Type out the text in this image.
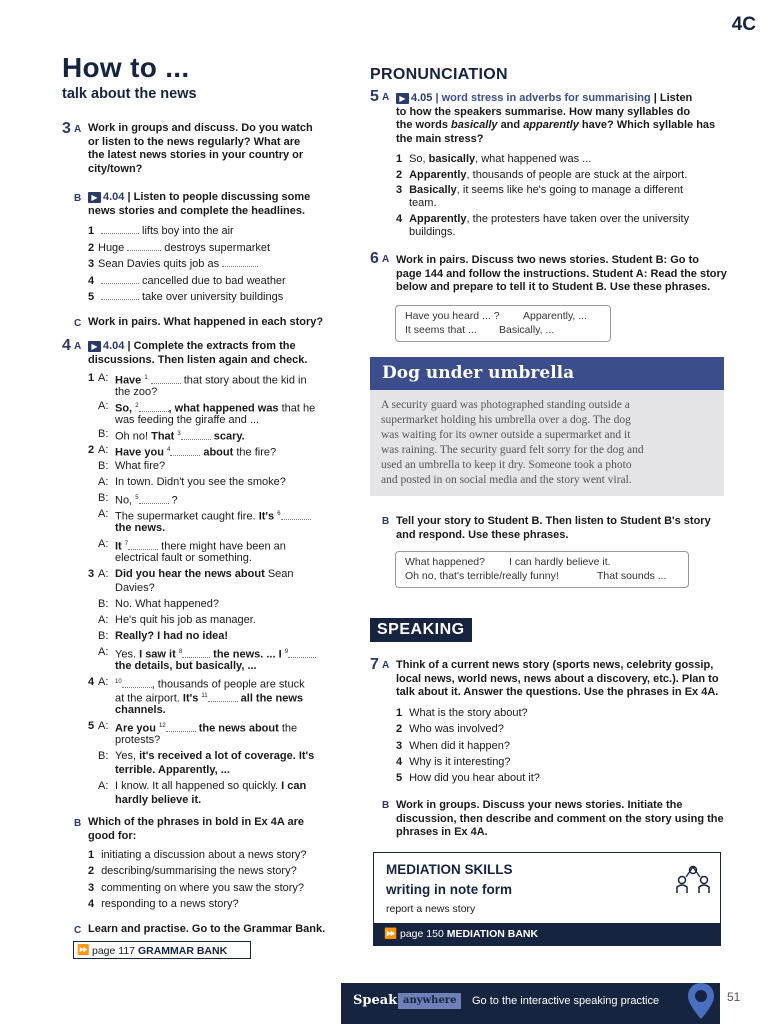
4C
How to ...
talk about the news
3 A Work in groups and discuss. Do you watch
or listen to the news regularly? What are
the latest news stories in your country or
city/town?
B	▶ 4.04 | Listen to people discussing some
news stories and complete the headlines.
1	lifts boy into the air
2 Huge	destroys supermarket
3 Sean Davies quits job as
4	cancelled due to bad weather
5	take over university buildings
C Work in pairs. What happened in each story?
4 A	▶ 4.04 | Complete the extracts from the
discussions. Then listen again and check.
1 A: Have $^1$	that story about the kid in
the zoo?
A: So, $^2$	, what happened was that he
was feeding the giraffe and ...
B: Oh no! That $^3$	scary.
2 A: Have you $^4$	about the fire?
B: What fire?
A: In town. Didn't you see the smoke?
B: No, $^5$	?
A: The supermarket caught fire. It's $^6$
the news.
A: It $^7$	there might have been an
electrical fault or something.
3 A: Did you hear the news about Sean
Davies?
B: No. What happened?
A: He's quit his job as manager.
B: Really? I had no idea!
A: Yes. I saw it $^8$	the news. ... I $^9$
the details, but basically, ...
4 A:	$^{10}$	, thousands of people are stuck
at the airport. It's $^{11}$	all the news
channels.
5 A: Are you $^{12}$	the news about the
protests?
B: Yes, it's received a lot of coverage. It's
terrible. Apparently, ...
A: I know. It all happened so quickly. I can
hardly believe it.
B Which of the phrases in bold in Ex 4A are
good for:
1 initiating a discussion about a news story?
2 describing/summarising the news story?
3 commenting on where you saw the story?
4 responding to a news story?
C Learn and practise. Go to the Grammar Bank.
⏩ page 117 GRAMMAR BANK
PRONUNCIATION
5 A	▶ 4.05 | word stress in adverbs for summarising | Listen
to how the speakers summarise. How many syllables do
the words basically and apparently have? Which syllable has
the main stress?
1 So, basically, what happened was ...
2 Apparently, thousands of people are stuck at the airport.
3 Basically, it seems like he's going to manage a different
team.
4 Apparently, the protesters have taken over the university
buildings.
6 A Work in pairs. Discuss two news stories. Student B: Go to
page 144 and follow the instructions. Student A: Read the story
below and prepare to tell it to Student B. Use these phrases.
Have you heard ... ? Apparently, ...
It seems that ... Basically, ...
Dog under umbrella
A security guard was photographed standing outside a
supermarket holding his umbrella over a dog. The dog
was waiting for its owner outside a supermarket and it
was raining. The security guard felt sorry for the dog and
used an umbrella to keep it dry. Someone took a photo
and posted in on social media and the story went viral.
B Tell your story to Student B. Then listen to Student B's story
and respond. Use these phrases.
What happened? I can hardly believe it.
Oh no, that's terrible/really funny!	That sounds ...
SPEAKING
7 A Think of a current news story (sports news, celebrity gossip,
local news, world news, news about a discovery, etc.). Plan to
talk about it. Answer the questions. Use the phrases in Ex 4A.
1 What is the story about?
2 Who was involved?
3 When did it happen?
4 Why is it interesting?
5 How did you hear about it?
B Work in groups. Discuss your news stories. Initiate the
discussion, then describe and comment on the story using the
phrases in Ex 4A.
MEDIATION SKILLS
writing in note form
report a news story
⏩ page 150 MEDIATION BANK
Speak anywhere	Go to the interactive speaking practice	51
